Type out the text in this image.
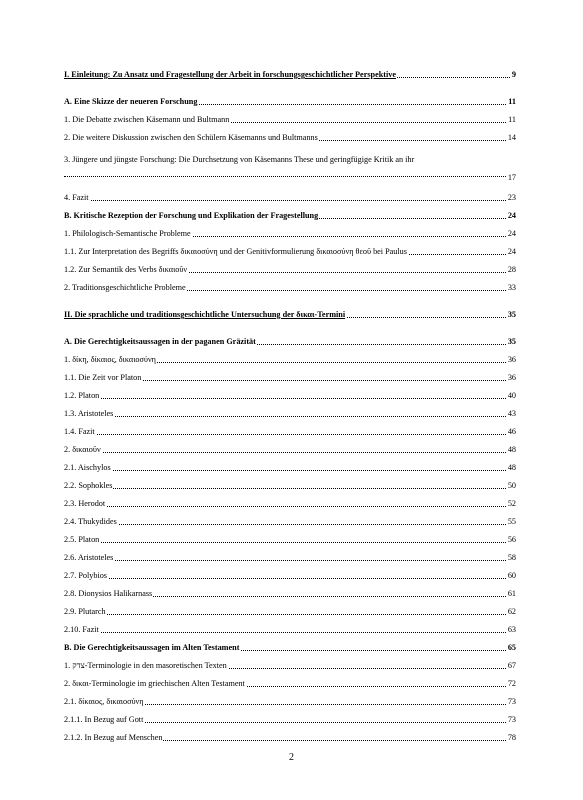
I. Einleitung: Zu Ansatz und Fragestellung der Arbeit in forschungsgeschichtlicher Perspektive	9
A. Eine Skizze der neueren Forschung	11
1. Die Debatte zwischen Käsemann und Bultmann	11
2. Die weitere Diskussion zwischen den Schülern Käsemanns und Bultmanns	14
3. Jüngere und jüngste Forschung: Die Durchsetzung von Käsemanns These und geringfügige Kritik an ihr
17
4. Fazit	23
B. Kritische Rezeption der Forschung und Explikation der Fragestellung	24
1. Philologisch-Semantische Probleme	24
1.1. Zur Interpretation des Begriffs δικαιοσύνη und der Genitivformulierung δικαιοσύνη θεοῦ bei Paulus	24
1.2. Zur Semantik des Verbs δικαιοῦν	28
2. Traditionsgeschichtliche Probleme	33
II. Die sprachliche und traditionsgeschichtliche Untersuchung der δικαι-Termini	35
A. Die Gerechtigkeitsaussagen in der paganen Gräzität	35
1. δίκη, δίκαιος, δικαιοσύνη	36
1.1. Die Zeit vor Platon	36
1.2. Platon	40
1.3. Aristoteles	43
1.4. Fazit	46
2. δικαιοῦν	48
2.1. Aischylos	48
2.2. Sophokles	50
2.3. Herodot	52
2.4. Thukydides	55
2.5. Platon	56
2.6. Aristoteles	58
2.7. Polybios	60
2.8. Dionysios Halikarnass	61
2.9. Plutarch	62
2.10. Fazit	63
B. Die Gerechtigkeitsaussagen im Alten Testament	65
1. צדק-Terminologie in den masoretischen Texten	67
2. δικαι-Terminologie im griechischen Alten Testament	72
2.1. δίκαιος, δικαιοσύνη	73
2.1.1. In Bezug auf Gott	73
2.1.2. In Bezug auf Menschen	78
2
